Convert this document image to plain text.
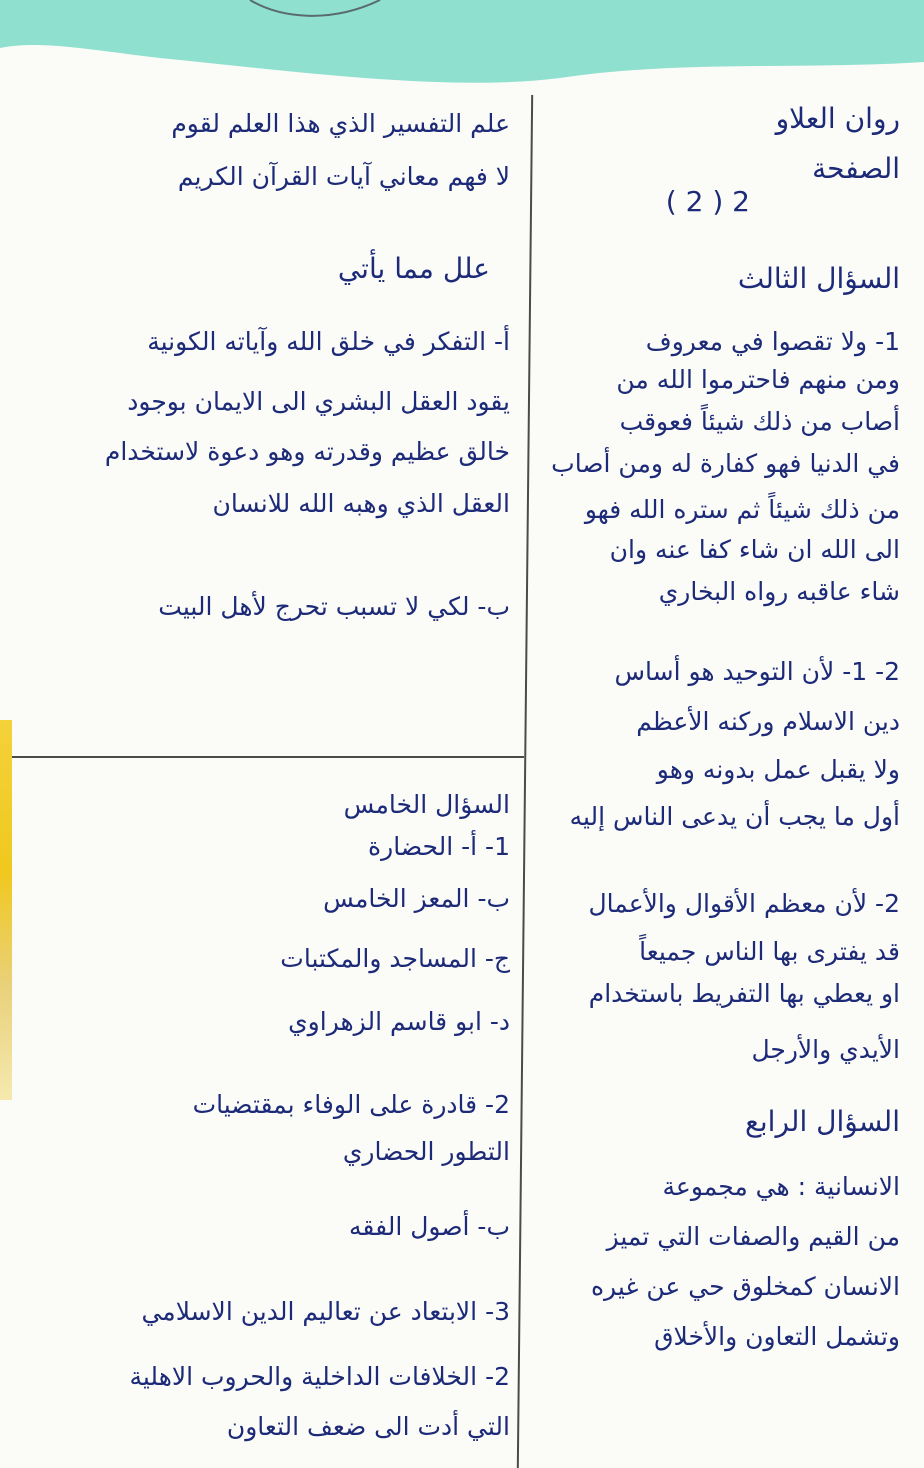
روان العلاو
الصفحة
2 ( 2 )
السؤال الثالث
1- ولا تقصوا في معروف
ومن منهم فاحترموا الله من
أصاب من ذلك شيئاً فعوقب
في الدنيا فهو كفارة له ومن أصاب
من ذلك شيئاً ثم ستره الله فهو
الى الله ان شاء كفا عنه وان
شاء عاقبه رواه البخاري
2- 1- لأن التوحيد هو أساس
دين الاسلام وركنه الأعظم
ولا يقبل عمل بدونه وهو
أول ما يجب أن يدعى الناس إليه
2- لأن معظم الأقوال والأعمال
قد يفترى بها الناس جميعاً
او يعطي بها التفريط باستخدام
الأيدي والأرجل
السؤال الرابع
الانسانية : هي مجموعة
من القيم والصفات التي تميز
الانسان كمخلوق حي عن غيره
وتشمل التعاون والأخلاق
علم التفسير الذي هذا العلم لقوم
لا فهم معاني آيات القرآن الكريم
علل مما يأتي
أ- التفكر في خلق الله وآياته الكونية
يقود العقل البشري الى الايمان بوجود
خالق عظيم وقدرته وهو دعوة لاستخدام
العقل الذي وهبه الله للانسان
ب- لكي لا تسبب تحرج لأهل البيت
السؤال الخامس
1- أ- الحضارة
ب- المعز الخامس
ج- المساجد والمكتبات
د- ابو قاسم الزهراوي
2- قادرة على الوفاء بمقتضيات
التطور الحضاري
ب- أصول الفقه
3- الابتعاد عن تعاليم الدين الاسلامي
2- الخلافات الداخلية والحروب الاهلية
التي أدت الى ضعف التعاون
